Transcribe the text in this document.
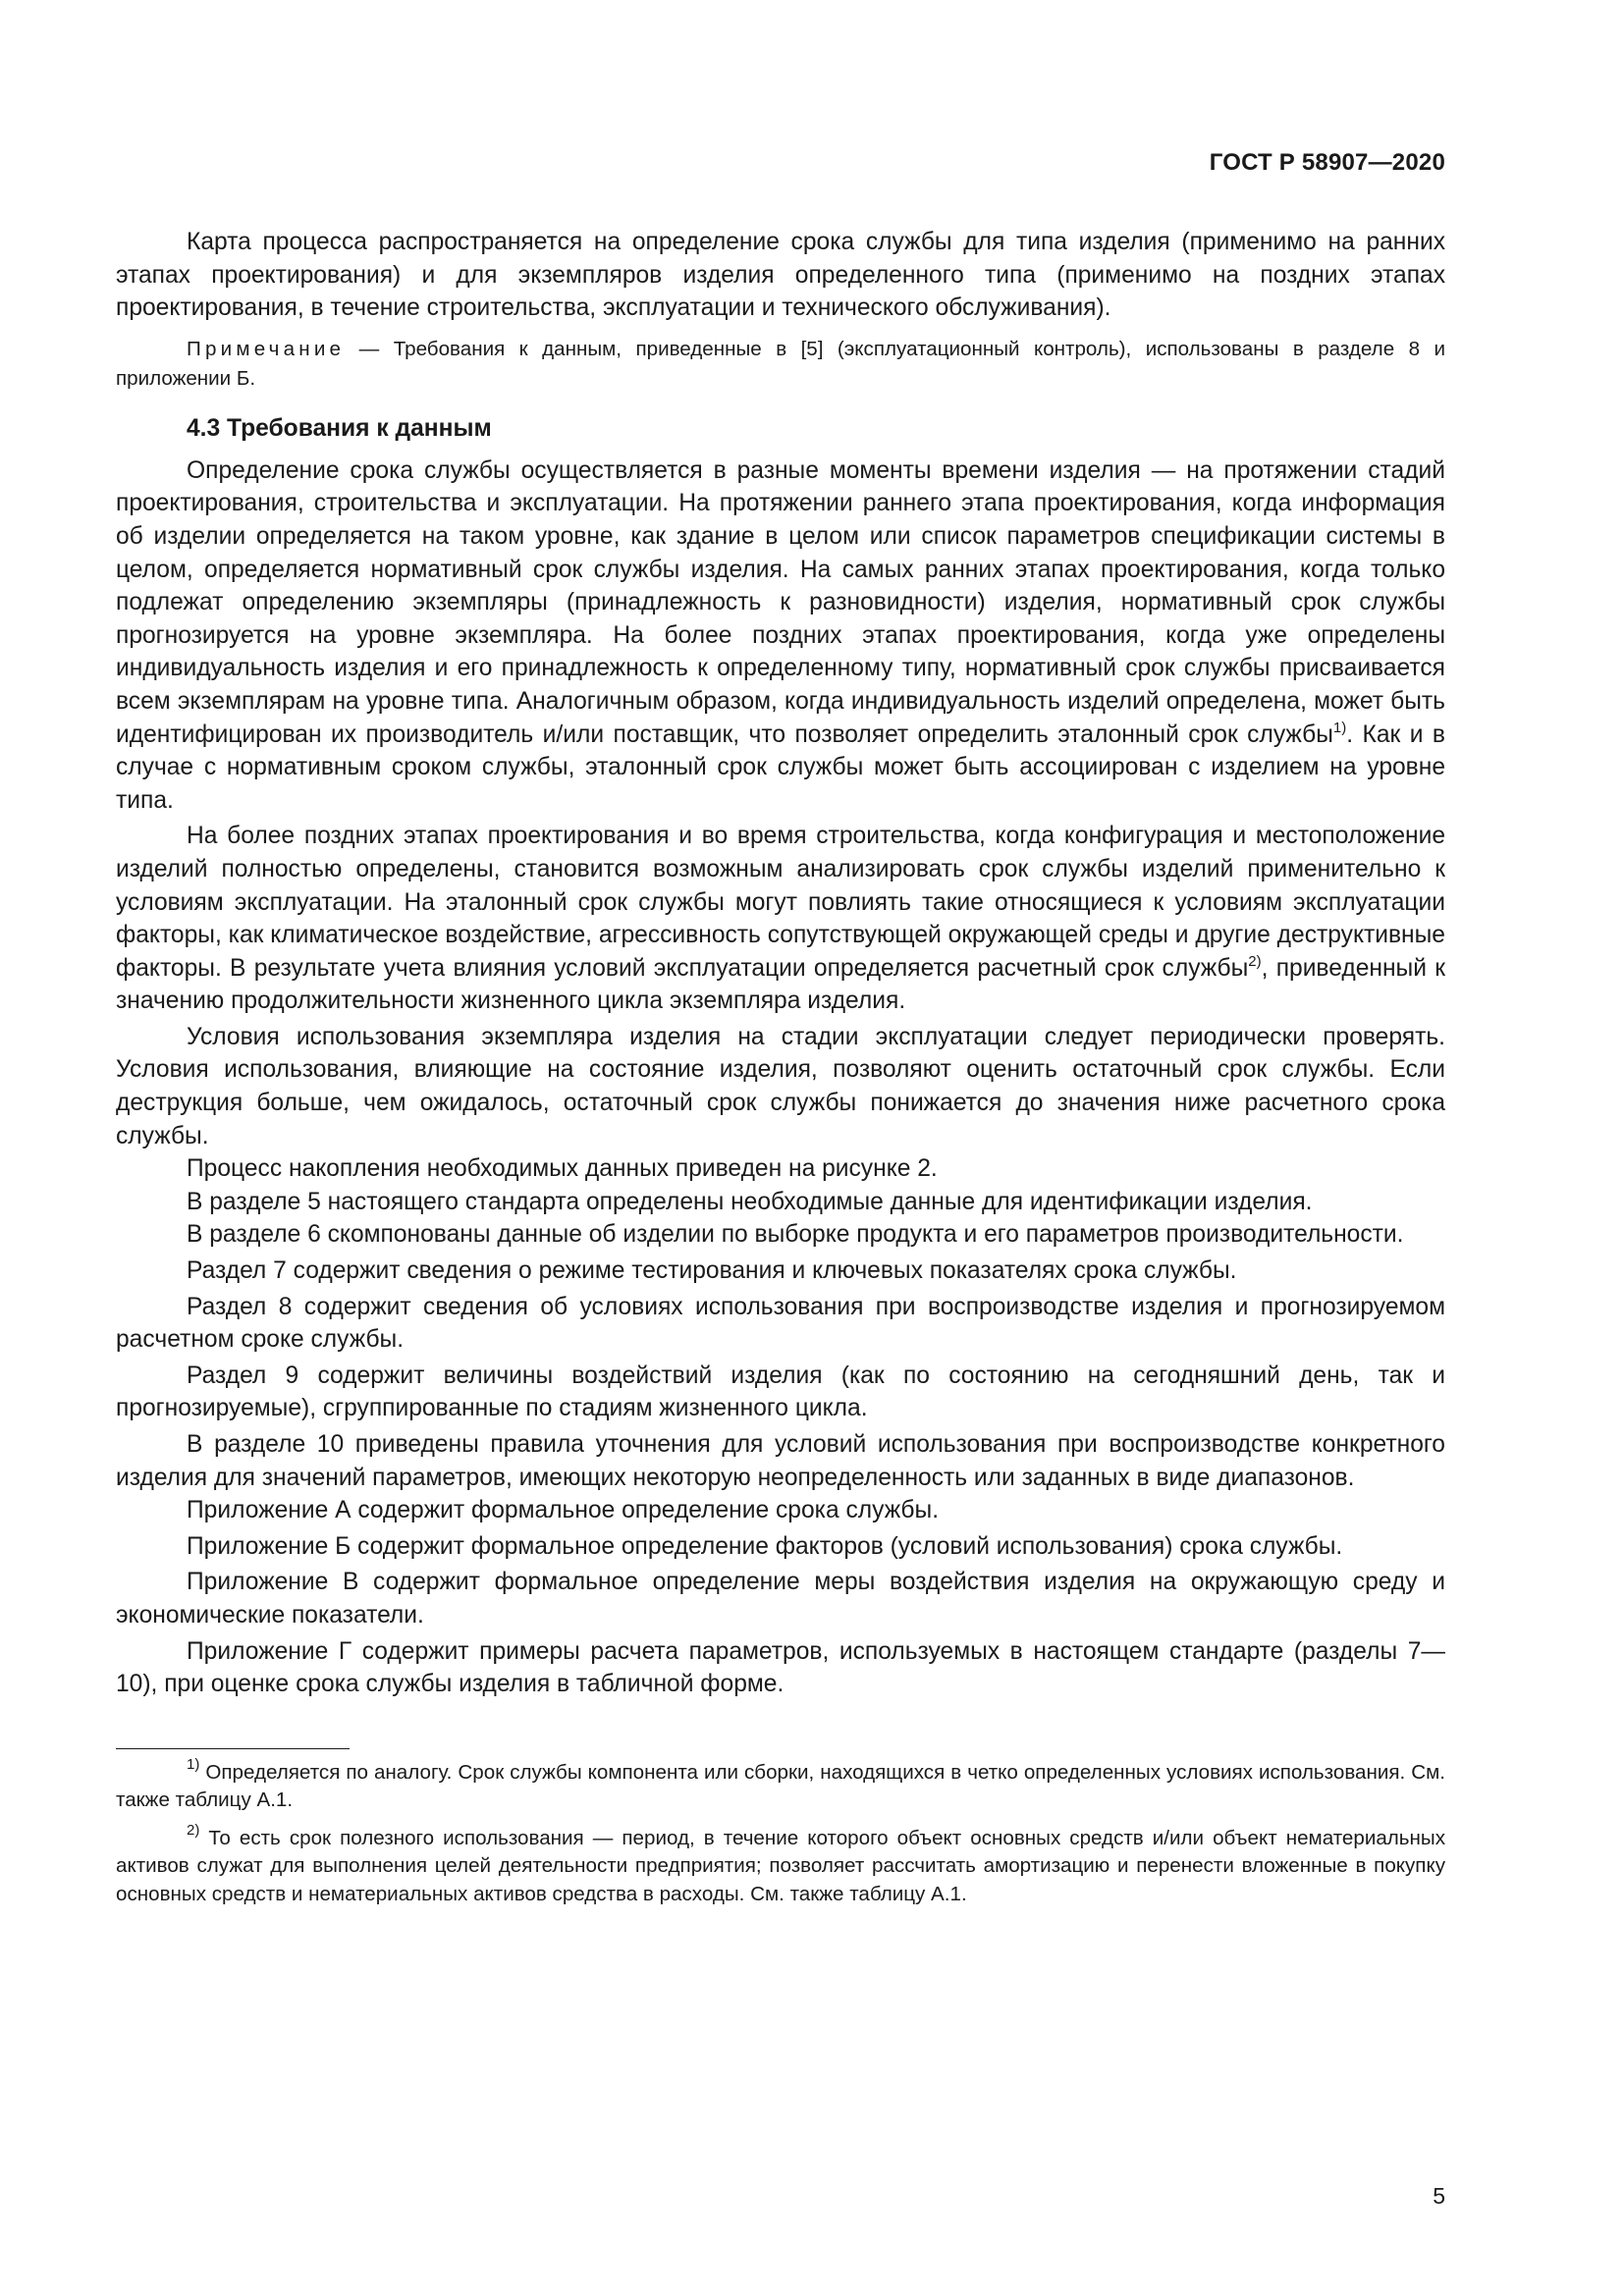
ГОСТ Р 58907—2020

Карта процесса распространяется на определение срока службы для типа изделия (применимо на ранних этапах проектирования) и для экземпляров изделия определенного типа (применимо на поздних этапах проектирования, в течение строительства, эксплуатации и технического обслуживания).

Примечание — Требования к данным, приведенные в [5] (эксплуатационный контроль), использованы в разделе 8 и приложении Б.

4.3 Требования к данным

Определение срока службы осуществляется в разные моменты времени изделия — на протяжении стадий проектирования, строительства и эксплуатации. На протяжении раннего этапа проектирования, когда информация об изделии определяется на таком уровне, как здание в целом или список параметров спецификации системы в целом, определяется нормативный срок службы изделия. На самых ранних этапах проектирования, когда только подлежат определению экземпляры (принадлежность к разновидности) изделия, нормативный срок службы прогнозируется на уровне экземпляра. На более поздних этапах проектирования, когда уже определены индивидуальность изделия и его принадлежность к определенному типу, нормативный срок службы присваивается всем экземплярам на уровне типа. Аналогичным образом, когда индивидуальность изделий определена, может быть идентифицирован их производитель и/или поставщик, что позволяет определить эталонный срок службы$^{1)}$. Как и в случае с нормативным сроком службы, эталонный срок службы может быть ассоциирован с изделием на уровне типа.

На более поздних этапах проектирования и во время строительства, когда конфигурация и местоположение изделий полностью определены, становится возможным анализировать срок службы изделий применительно к условиям эксплуатации. На эталонный срок службы могут повлиять такие относящиеся к условиям эксплуатации факторы, как климатическое воздействие, агрессивность сопутствующей окружающей среды и другие деструктивные факторы. В результате учета влияния условий эксплуатации определяется расчетный срок службы$^{2)}$, приведенный к значению продолжительности жизненного цикла экземпляра изделия.

Условия использования экземпляра изделия на стадии эксплуатации следует периодически проверять. Условия использования, влияющие на состояние изделия, позволяют оценить остаточный срок службы. Если деструкция больше, чем ожидалось, остаточный срок службы понижается до значения ниже расчетного срока службы.

Процесс накопления необходимых данных приведен на рисунке 2.

В разделе 5 настоящего стандарта определены необходимые данные для идентификации изделия.

В разделе 6 скомпонованы данные об изделии по выборке продукта и его параметров производительности.

Раздел 7 содержит сведения о режиме тестирования и ключевых показателях срока службы.

Раздел 8 содержит сведения об условиях использования при воспроизводстве изделия и прогнозируемом расчетном сроке службы.

Раздел 9 содержит величины воздействий изделия (как по состоянию на сегодняшний день, так и прогнозируемые), сгруппированные по стадиям жизненного цикла.

В разделе 10 приведены правила уточнения для условий использования при воспроизводстве конкретного изделия для значений параметров, имеющих некоторую неопределенность или заданных в виде диапазонов.

Приложение А содержит формальное определение срока службы.

Приложение Б содержит формальное определение факторов (условий использования) срока службы.

Приложение В содержит формальное определение меры воздействия изделия на окружающую среду и экономические показатели.

Приложение Г содержит примеры расчета параметров, используемых в настоящем стандарте (разделы 7—10), при оценке срока службы изделия в табличной форме.

$^{1)}$ Определяется по аналогу. Срок службы компонента или сборки, находящихся в четко определенных условиях использования. См. также таблицу А.1.

$^{2)}$ То есть срок полезного использования — период, в течение которого объект основных средств и/или объект нематериальных активов служат для выполнения целей деятельности предприятия; позволяет рассчитать амортизацию и перенести вложенные в покупку основных средств и нематериальных активов средства в расходы. См. также таблицу А.1.

5
